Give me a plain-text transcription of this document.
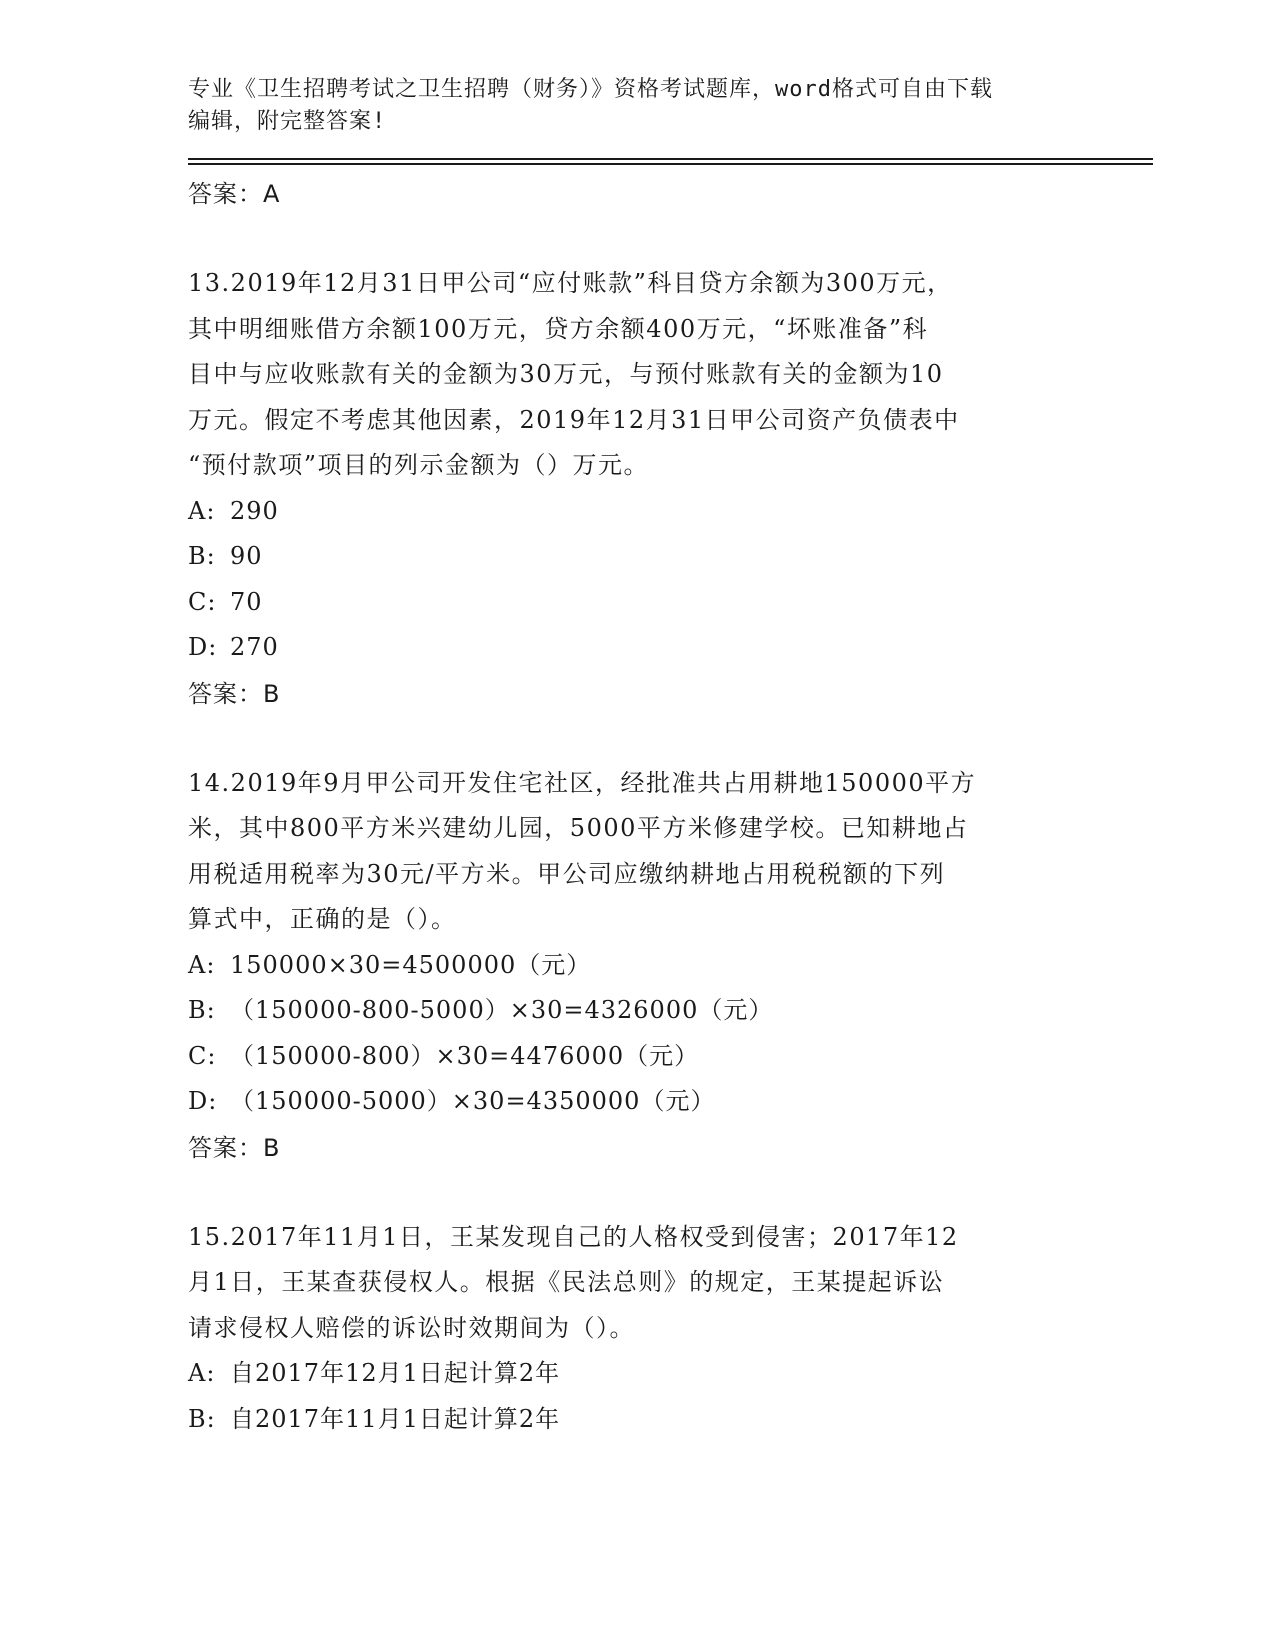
专业《卫生招聘考试之卫生招聘（财务）》资格考试题库，word格式可自由下载

编辑，附完整答案!

答案：A

13.2019年12月31日甲公司“应付账款”科目贷方余额为300万元，
其中明细账借方余额100万元，贷方余额400万元，“坏账准备”科
目中与应收账款有关的金额为30万元，与预付账款有关的金额为10
万元。假定不考虑其他因素，2019年12月31日甲公司资产负债表中
“预付款项”项目的列示金额为（）万元。

A: 290
B: 90
C: 70
D: 270
答案：B

14.2019年9月甲公司开发住宅社区，经批准共占用耕地150000平方
米，其中800平方米兴建幼儿园，5000平方米修建学校。已知耕地占
用税适用税率为30元/平方米。甲公司应缴纳耕地占用税税额的下列
算式中，正确的是（）。

A: 150000×30=4500000（元）
B: （150000-800-5000）×30=4326000（元）
C: （150000-800）×30=4476000（元）
D: （150000-5000）×30=4350000（元）
答案：B

15.2017年11月1日，王某发现自己的人格权受到侵害；2017年12
月1日，王某查获侵权人。根据《民法总则》的规定，王某提起诉讼
请求侵权人赔偿的诉讼时效期间为（）。

A: 自2017年12月1日起计算2年
B: 自2017年11月1日起计算2年
